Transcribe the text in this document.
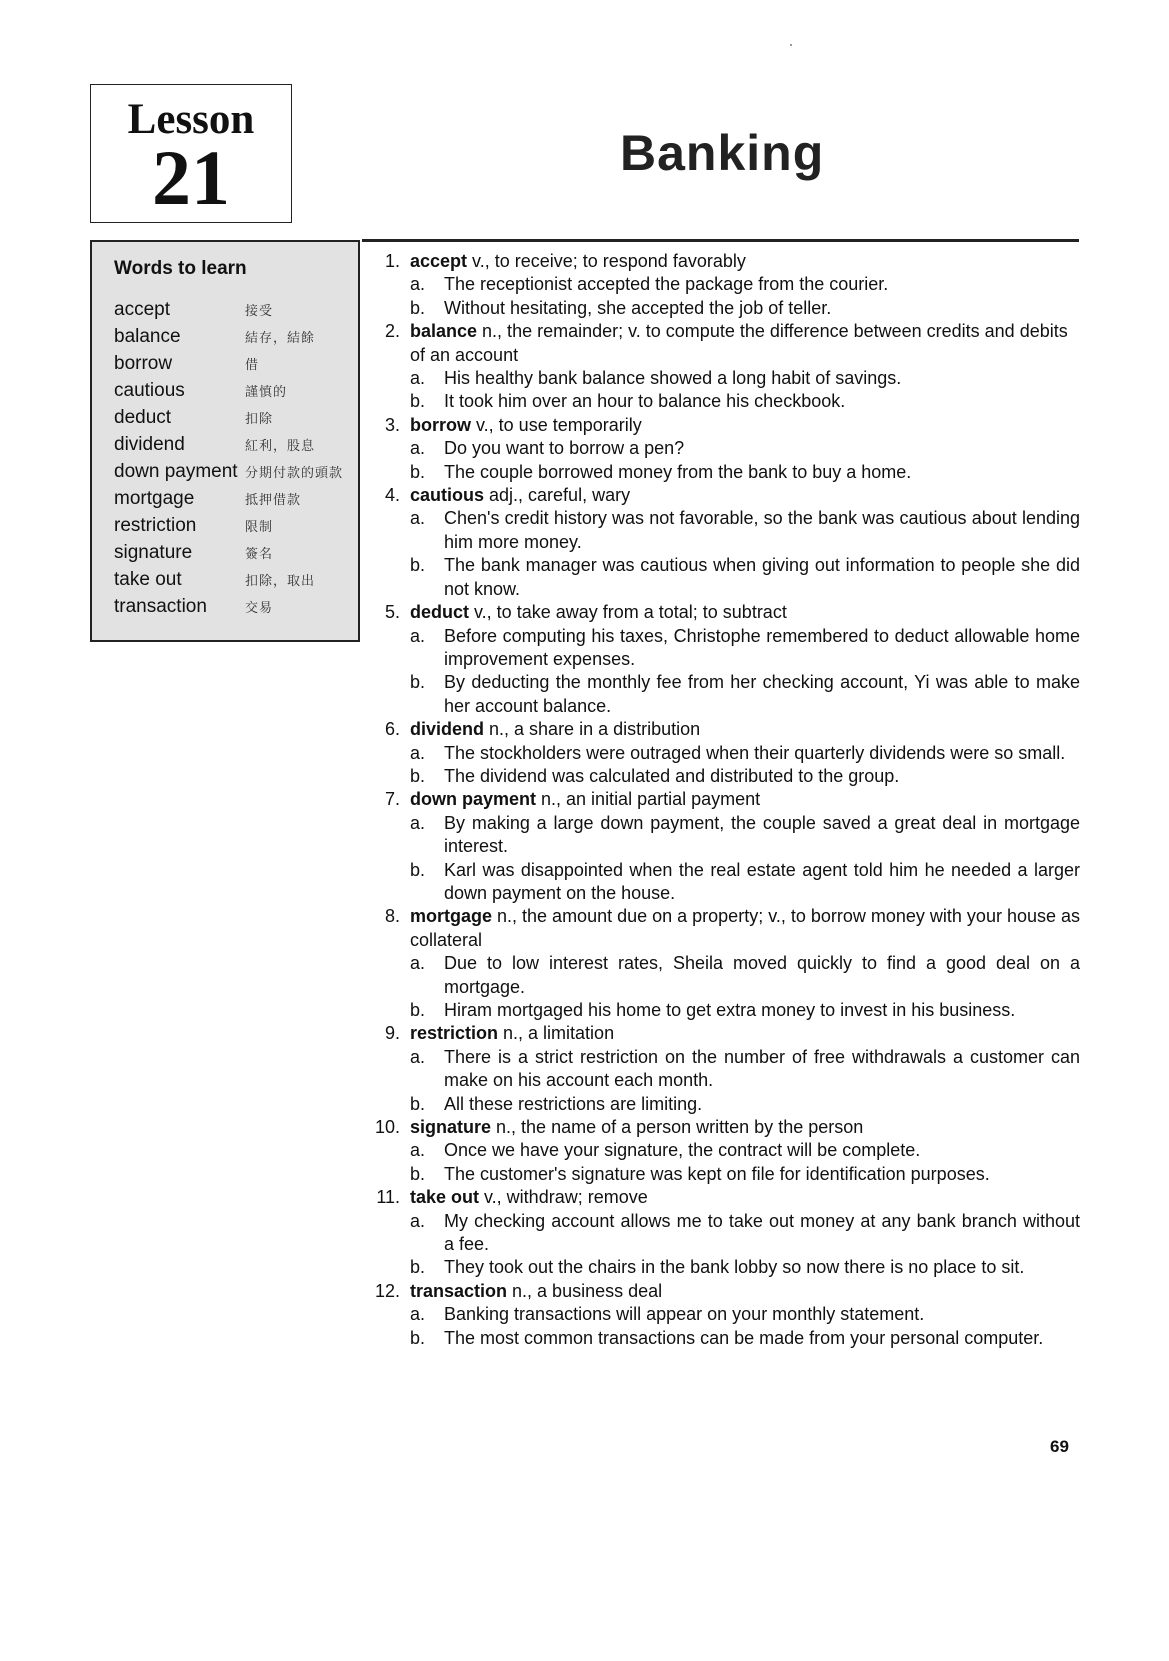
Lesson
21	Banking
Words to learn
accept	接受
balance	結存，結餘
borrow	借
cautious	謹慎的
deduct	扣除
dividend	紅利，股息
down payment 分期付款的頭款
mortgage	抵押借款
restriction	限制
signature	簽名
take out	扣除，取出
transaction	交易
1. accept v., to receive; to respond favorably
a.	The receptionist accepted the package from the courier.
b.	Without hesitating, she accepted the job of teller.
2. balance n., the remainder; v. to compute the difference between credits and debits of an account
a.	His healthy bank balance showed a long habit of savings.
b.	It took him over an hour to balance his checkbook.
3. borrow v., to use temporarily
a.	Do you want to borrow a pen?
b.	The couple borrowed money from the bank to buy a home.
4. cautious adj., careful, wary
a.	Chen's credit history was not favorable, so the bank was cautious about lending him more money.
b.	The bank manager was cautious when giving out information to people she did not know.
5. deduct v., to take away from a total; to subtract
a.	Before computing his taxes, Christophe remembered to deduct allowable home improvement expenses.
b.	By deducting the monthly fee from her checking account, Yi was able to make her account balance.
6. dividend n., a share in a distribution
a.	The stockholders were outraged when their quarterly dividends were so small.
b.	The dividend was calculated and distributed to the group.
7. down payment n., an initial partial payment
a.	By making a large down payment, the couple saved a great deal in mortgage interest.
b.	Karl was disappointed when the real estate agent told him he needed a larger down payment on the house.
8. mortgage n., the amount due on a property; v., to borrow money with your house as collateral
a.	Due to low interest rates, Sheila moved quickly to find a good deal on a mortgage.
b.	Hiram mortgaged his home to get extra money to invest in his business.
9. restriction n., a limitation
a.	There is a strict restriction on the number of free withdrawals a customer can make on his account each month.
b.	All these restrictions are limiting.
10. signature n., the name of a person written by the person
a.	Once we have your signature, the contract will be complete.
b.	The customer's signature was kept on file for identification purposes.
11. take out v., withdraw; remove
a.	My checking account allows me to take out money at any bank branch without a fee.
b.	They took out the chairs in the bank lobby so now there is no place to sit.
12. transaction n., a business deal
a.	Banking transactions will appear on your monthly statement.
b.	The most common transactions can be made from your personal computer.
69
